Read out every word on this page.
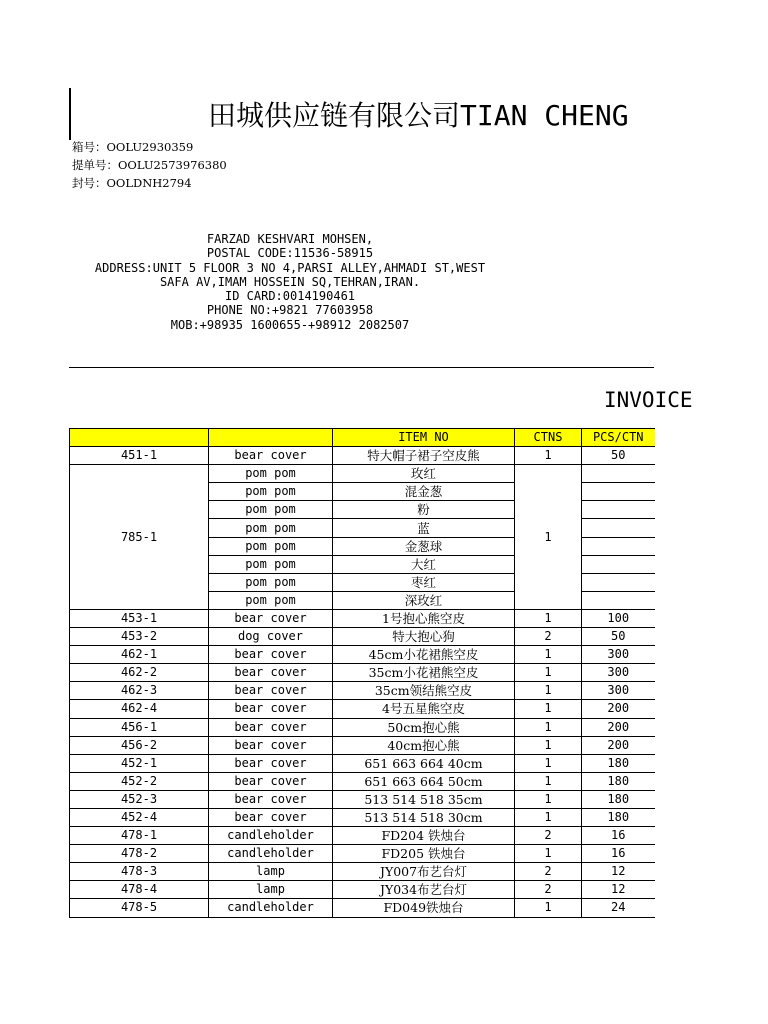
田城供应链有限公司TIAN CHENG
箱号：OOLU2930359
提单号：OOLU2573976380
封号：OOLDNH2794
FARZAD KESHVARI MOHSEN,
POSTAL CODE:11536-58915
ADDRESS:UNIT 5 FLOOR 3 NO 4,PARSI ALLEY,AHMADI ST,WEST
SAFA AV,IMAM HOSSEIN SQ,TEHRAN,IRAN.
ID CARD:0014190461
PHONE NO:+9821 77603958
MOB:+98935 1600655-+98912 2082507
INVOICE
		ITEM NO	CTNS	PCS/CTN
451-1	bear cover	特大帽子裙子空皮熊	1	50
785-1	pom pom	玫红	1	
	pom pom	混金葱		
	pom pom	粉		
	pom pom	蓝		
	pom pom	金葱球		
	pom pom	大红		
	pom pom	枣红		
	pom pom	深玫红		
453-1	bear cover	1号抱心熊空皮	1	100
453-2	dog cover	特大抱心狗	2	50
462-1	bear cover	45cm小花裙熊空皮	1	300
462-2	bear cover	35cm小花裙熊空皮	1	300
462-3	bear cover	35cm领结熊空皮	1	300
462-4	bear cover	4号五星熊空皮	1	200
456-1	bear cover	50cm抱心熊	1	200
456-2	bear cover	40cm抱心熊	1	200
452-1	bear cover	651 663 664 40cm	1	180
452-2	bear cover	651 663 664 50cm	1	180
452-3	bear cover	513 514 518 35cm	1	180
452-4	bear cover	513 514 518 30cm	1	180
478-1	candleholder	FD204 铁烛台	2	16
478-2	candleholder	FD205 铁烛台	1	16
478-3	lamp	JY007布艺台灯	2	12
478-4	lamp	JY034布艺台灯	2	12
478-5	candleholder	FD049铁烛台	1	24
